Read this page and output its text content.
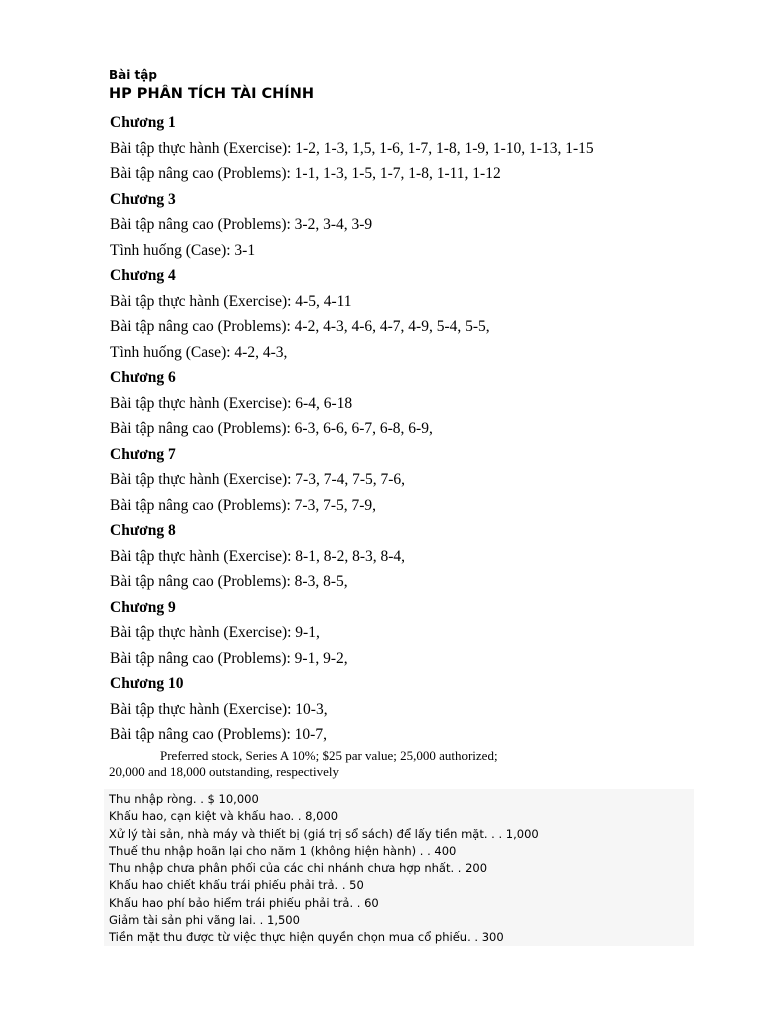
Bài tập
HP PHÂN TÍCH TÀI CHÍNH
Chương 1
Bài tập thực hành (Exercise): 1-2, 1-3, 1,5, 1-6, 1-7, 1-8, 1-9, 1-10, 1-13, 1-15
Bài tập nâng cao (Problems): 1-1, 1-3, 1-5, 1-7, 1-8, 1-11, 1-12
Chương 3
Bài tập nâng cao (Problems): 3-2, 3-4, 3-9
Tình huống (Case): 3-1
Chương 4
Bài tập thực hành (Exercise): 4-5, 4-11
Bài tập nâng cao (Problems): 4-2, 4-3, 4-6, 4-7, 4-9, 5-4, 5-5,
Tình huống (Case): 4-2, 4-3,
Chương 6
Bài tập thực hành (Exercise): 6-4, 6-18
Bài tập nâng cao (Problems): 6-3, 6-6, 6-7, 6-8, 6-9,
Chương 7
Bài tập thực hành (Exercise): 7-3, 7-4, 7-5, 7-6,
Bài tập nâng cao (Problems): 7-3, 7-5, 7-9,
Chương 8
Bài tập thực hành (Exercise): 8-1, 8-2, 8-3, 8-4,
Bài tập nâng cao (Problems): 8-3, 8-5,
Chương 9
Bài tập thực hành (Exercise): 9-1,
Bài tập nâng cao (Problems): 9-1, 9-2,
Chương 10
Bài tập thực hành (Exercise): 10-3,
Bài tập nâng cao (Problems): 10-7,
Preferred stock, Series A 10%; $25 par value; 25,000 authorized;
20,000 and 18,000 outstanding, respectively
Thu nhập ròng. . $ 10,000
Khấu hao, cạn kiệt và khấu hao. . 8,000
Xử lý tài sản, nhà máy và thiết bị (giá trị sổ sách) để lấy tiền mặt. . . 1,000
Thuế thu nhập hoãn lại cho năm 1 (không hiện hành) . . 400
Thu nhập chưa phân phối của các chi nhánh chưa hợp nhất. . 200
Khấu hao chiết khấu trái phiếu phải trả. . 50
Khấu hao phí bảo hiểm trái phiếu phải trả. . 60
Giảm tài sản phi vãng lai. . 1,500
Tiền mặt thu được từ việc thực hiện quyền chọn mua cổ phiếu. . 300
